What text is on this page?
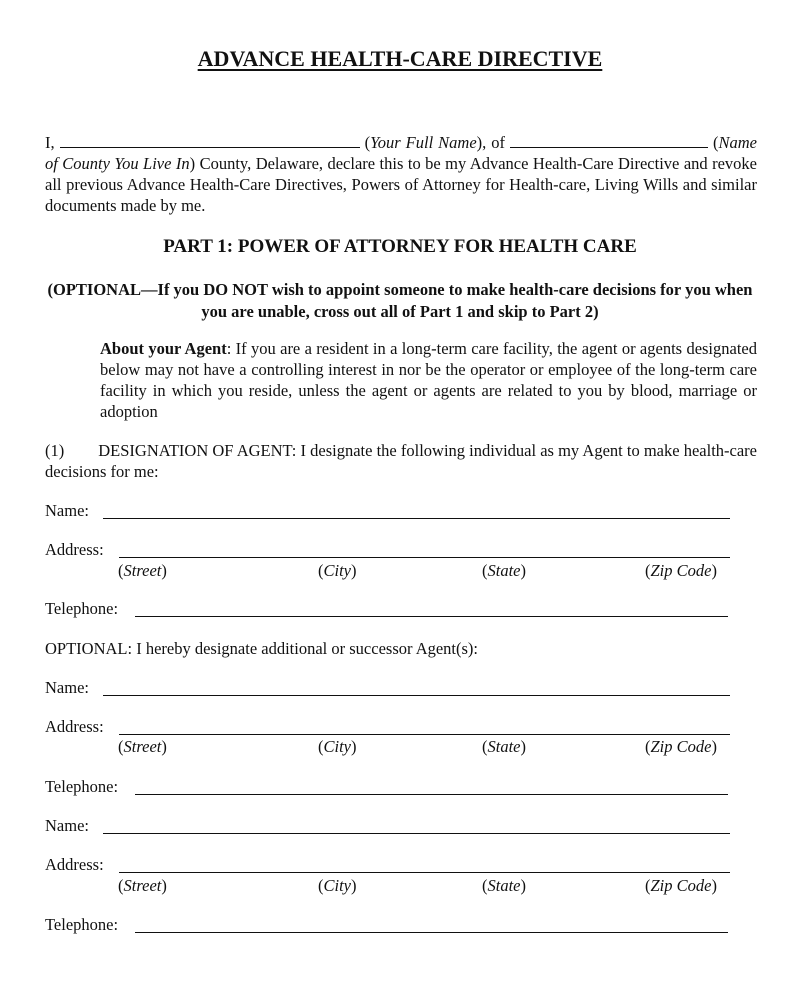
ADVANCE HEALTH-CARE DIRECTIVE
I,	(Your Full Name), of	(Name of County You Live In) County, Delaware, declare this to be my Advance Health-Care Directive and revoke all previous Advance Health-Care Directives, Powers of Attorney for Health-care, Living Wills and similar documents made by me.
PART 1: POWER OF ATTORNEY FOR HEALTH CARE
(OPTIONAL—If you DO NOT wish to appoint someone to make health-care decisions for you when you are unable, cross out all of Part 1 and skip to Part 2)
About your Agent: If you are a resident in a long-term care facility, the agent or agents designated below may not have a controlling interest in nor be the operator or employee of the long-term care facility in which you reside, unless the agent or agents are related to you by blood, marriage or adoption
(1) DESIGNATION OF AGENT: I designate the following individual as my Agent to make health-care decisions for me:
Name:
Address:
(Street)	(City)	(State)	(Zip Code)
Telephone:
OPTIONAL: I hereby designate additional or successor Agent(s):
Name:
Address:
(Street)	(City)	(State)	(Zip Code)
Telephone:
Name:
Address:
(Street)	(City)	(State)	(Zip Code)
Telephone:
